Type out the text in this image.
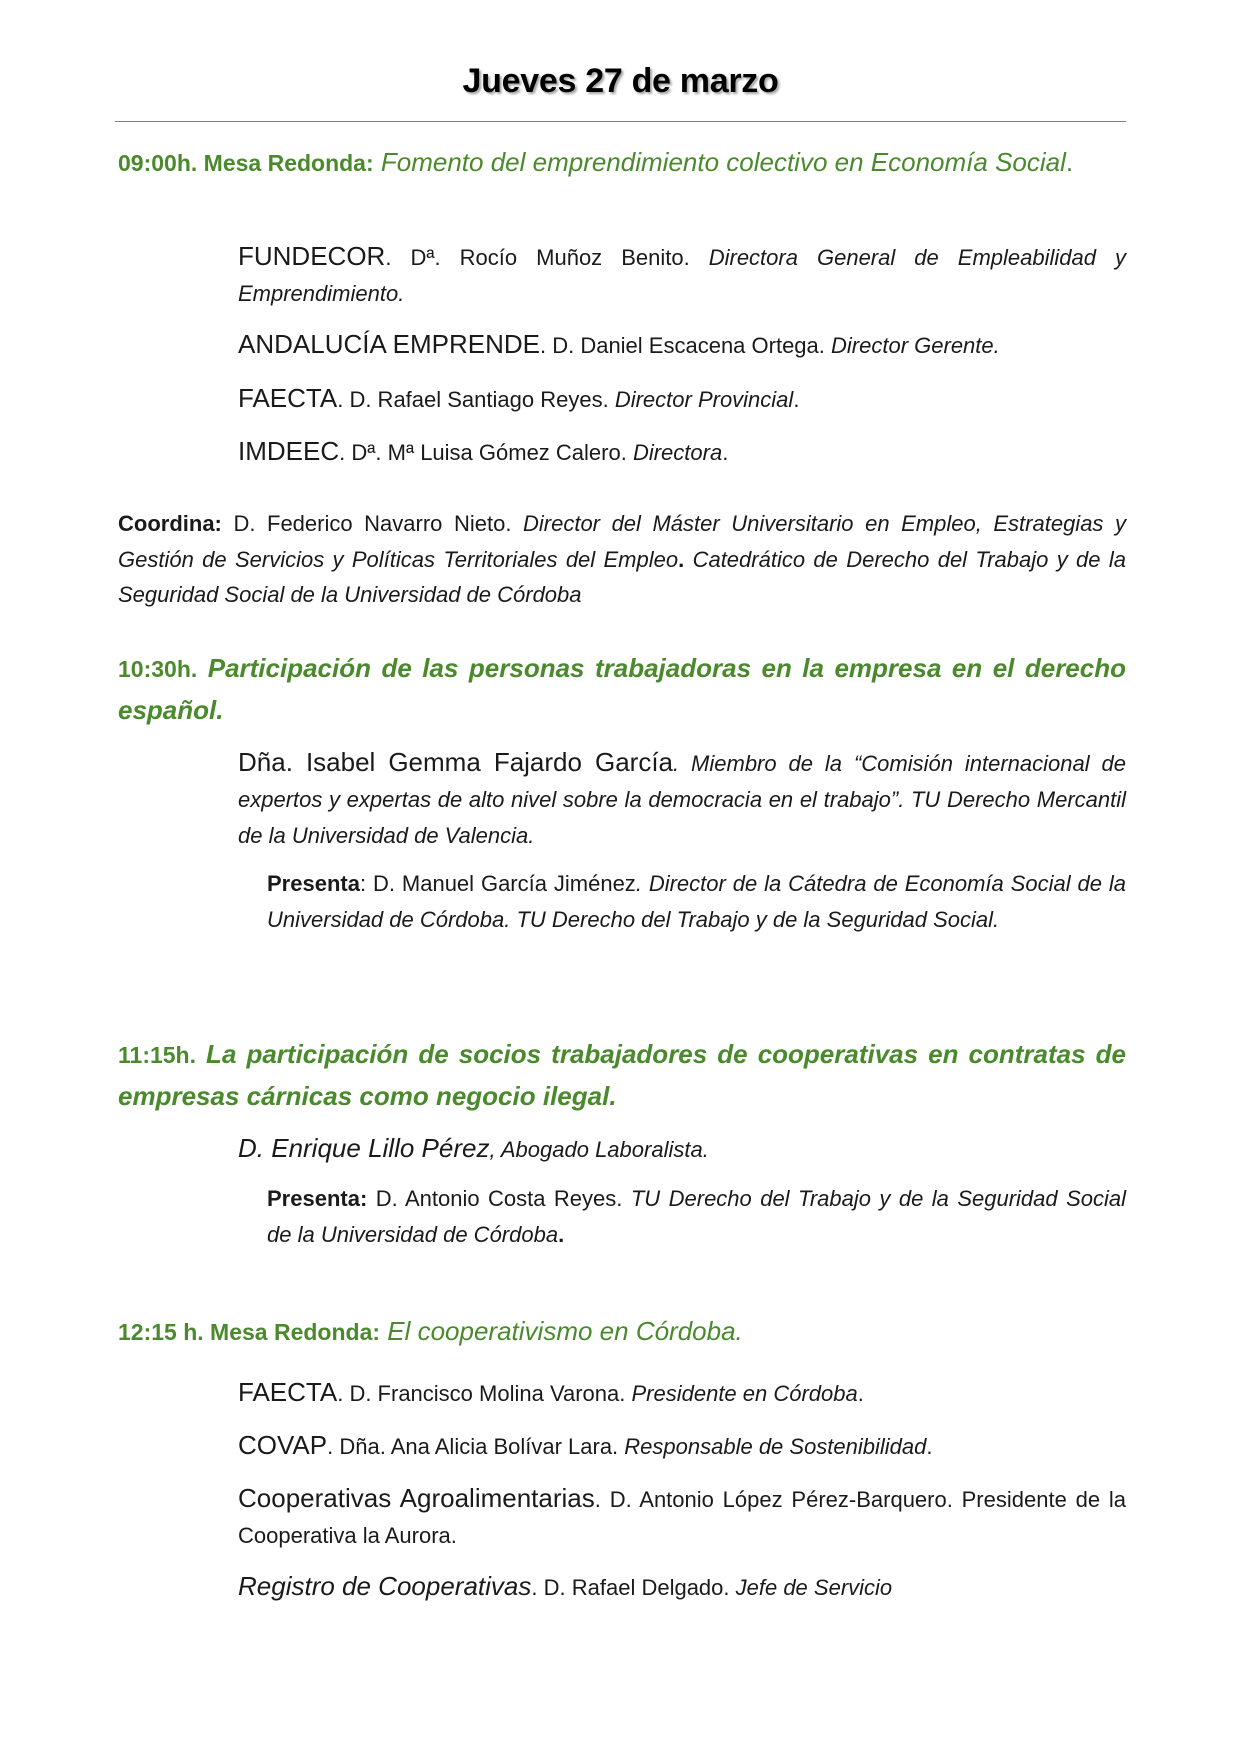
Jueves 27 de marzo
09:00h. Mesa Redonda: Fomento del emprendimiento colectivo en Economía Social.
FUNDECOR. Dª. Rocío Muñoz Benito. Directora General de Empleabilidad y Emprendimiento.
ANDALUCÍA EMPRENDE. D. Daniel Escacena Ortega. Director Gerente.
FAECTA. D. Rafael Santiago Reyes. Director Provincial.
IMDEEC. Dª. Mª Luisa Gómez Calero. Directora.
Coordina: D. Federico Navarro Nieto. Director del Máster Universitario en Empleo, Estrategias y Gestión de Servicios y Políticas Territoriales del Empleo. Catedrático de Derecho del Trabajo y de la Seguridad Social de la Universidad de Córdoba
10:30h. Participación de las personas trabajadoras en la empresa en el derecho español.
Dña. Isabel Gemma Fajardo García. Miembro de la “Comisión internacional de expertos y expertas de alto nivel sobre la democracia en el trabajo”. TU Derecho Mercantil de la Universidad de Valencia.
Presenta: D. Manuel García Jiménez. Director de la Cátedra de Economía Social de la Universidad de Córdoba. TU Derecho del Trabajo y de la Seguridad Social.
11:15h. La participación de socios trabajadores de cooperativas en contratas de empresas cárnicas como negocio ilegal.
D. Enrique Lillo Pérez, Abogado Laboralista.
Presenta: D. Antonio Costa Reyes. TU Derecho del Trabajo y de la Seguridad Social de la Universidad de Córdoba.
12:15 h. Mesa Redonda: El cooperativismo en Córdoba.
FAECTA. D. Francisco Molina Varona. Presidente en Córdoba.
COVAP. Dña. Ana Alicia Bolívar Lara. Responsable de Sostenibilidad.
Cooperativas Agroalimentarias. D. Antonio López Pérez-Barquero. Presidente de la Cooperativa la Aurora.
Registro de Cooperativas. D. Rafael Delgado. Jefe de Servicio
